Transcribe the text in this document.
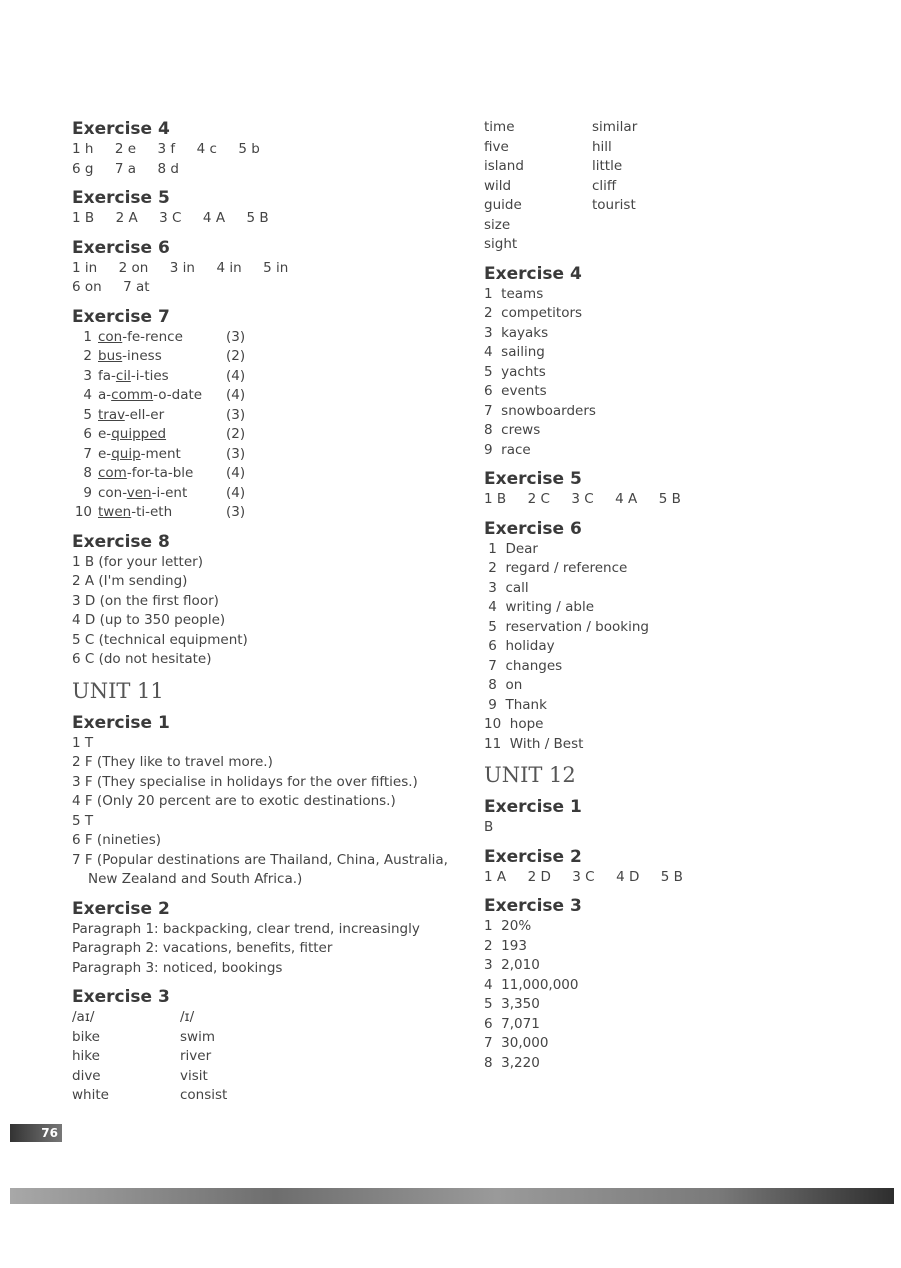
Exercise 4

1 h     2 e     3 f     4 c     5 b

6 g     7 a     8 d

Exercise 5

1 B     2 A     3 C     4 A     5 B

Exercise 6

1 in     2 on     3 in     4 in     5 in

6 on     7 at

Exercise 7

1 con-fe-rence	(3)
2 bus-iness	(2)
3 fa-cil-i-ties	(4)
4 a-comm-o-date	(4)
5 trav-ell-er	(3)
6 e-quipped	(2)
7 e-quip-ment	(3)
8 com-for-ta-ble	(4)
9 con-ven-i-ent	(4)
10 twen-ti-eth	(3)

Exercise 8

1 B (for your letter)

2 A (I'm sending)

3 D (on the first floor)

4 D (up to 350 people)

5 C (technical equipment)

6 C (do not hesitate)

UNIT 11

Exercise 1

1 T

2 F (They like to travel more.)

3 F (They specialise in holidays for the over fifties.)

4 F (Only 20 percent are to exotic destinations.)

5 T

6 F (nineties)

7 F (Popular destinations are Thailand, China, Australia, New Zealand and South Africa.)

Exercise 2

Paragraph 1: backpacking, clear trend, increasingly

Paragraph 2: vacations, benefits, fitter

Paragraph 3: noticed, bookings

Exercise 3

/aɪ/	/ɪ/
bike	swim
hike	river
dive	visit
white	consist
time	similar
five	hill
island	little
wild	cliff
guide	tourist
size
sight

Exercise 4

1  teams

2  competitors

3  kayaks

4  sailing

5  yachts

6  events

7  snowboarders

8  crews

9  race

Exercise 5

1 B     2 C     3 C     4 A     5 B

Exercise 6

1  Dear

2  regard / reference

3  call

4  writing / able

5  reservation / booking

6  holiday

7  changes

8  on

9  Thank

10  hope

11  With / Best

UNIT 12

Exercise 1

B

Exercise 2

1 A     2 D     3 C     4 D     5 B

Exercise 3

1  20%

2  193

3  2,010

4  11,000,000

5  3,350

6  7,071

7  30,000

8  3,220

76
